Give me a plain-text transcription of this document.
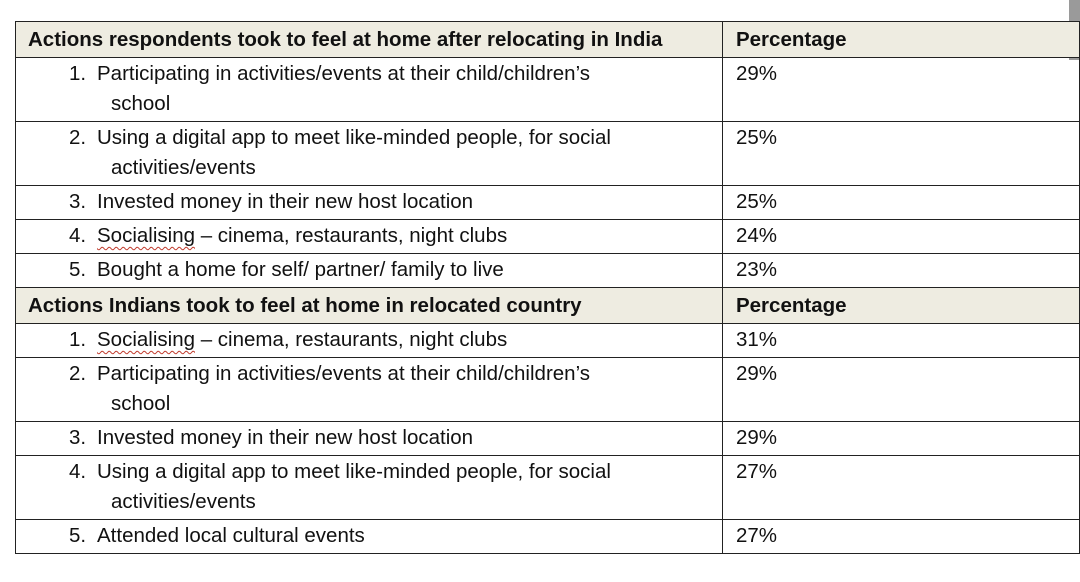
Actions respondents took to feel at home after relocating in India	Percentage

1. Participating in activities/events at their child/children’s
school	29%

2. Using a digital app to meet like-minded people, for social
activities/events	25%

3. Invested money in their new host location	25%

4. Socialising – cinema, restaurants, night clubs	24%

5. Bought a home for self/ partner/ family to live	23%
Actions Indians took to feel at home in relocated country	Percentage

1. Socialising – cinema, restaurants, night clubs	31%

2. Participating in activities/events at their child/children’s
school	29%

3. Invested money in their new host location	29%

4. Using a digital app to meet like-minded people, for social
activities/events	27%

5. Attended local cultural events	27%
